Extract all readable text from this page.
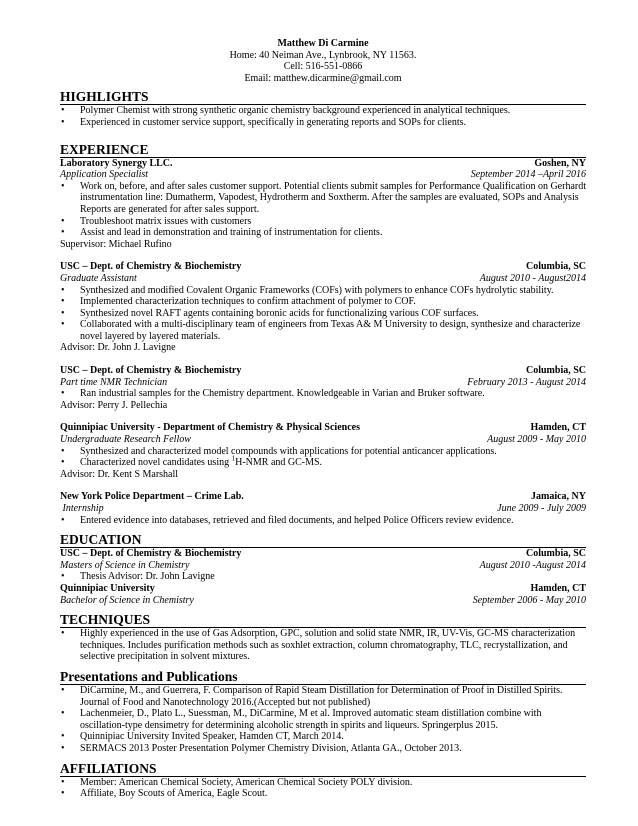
Matthew Di Carmine
Home: 40 Neiman Ave., Lynbrook, NY 11563.
Cell: 516-551-0866
Email: matthew.dicarmine@gmail.com
HIGHLIGHTS
• Polymer Chemist with strong synthetic organic chemistry background experienced in analytical techniques.
• Experienced in customer service support, specifically in generating reports and SOPs for clients.
EXPERIENCE
Laboratory Synergy LLC.	Goshen, NY
Application Specialist	September 2014 –April 2016
• Work on, before, and after sales customer support. Potential clients submit samples for Performance Qualification on Gerhardt instrumentation line: Dumatherm, Vapodest, Hydrotherm and Soxtherm. After the samples are evaluated, SOPs and Analysis Reports are generated for after sales support.
• Troubleshoot matrix issues with customers
• Assist and lead in demonstration and training of instrumentation for clients.
Supervisor: Michael Rufino
USC – Dept. of Chemistry & Biochemistry	Columbia, SC
Graduate Assistant	August 2010 - August2014
• Synthesized and modified Covalent Organic Frameworks (COFs) with polymers to enhance COFs hydrolytic stability.
• Implemented characterization techniques to confirm attachment of polymer to COF.
• Synthesized novel RAFT agents containing boronic acids for functionalizing various COF surfaces.
• Collaborated with a multi-disciplinary team of engineers from Texas A& M University to design, synthesize and characterize novel layered by layered materials.
Advisor: Dr. John J. Lavigne
USC – Dept. of Chemistry & Biochemistry	Columbia, SC
Part time NMR Technician	February 2013 - August 2014
• Ran industrial samples for the Chemistry department. Knowledgeable in Varian and Bruker software.
Advisor: Perry J. Pellechia
Quinnipiac University - Department of Chemistry & Physical Sciences	Hamden, CT
Undergraduate Research Fellow	August 2009 - May 2010
• Synthesized and characterized model compounds with applications for potential anticancer applications.
• Characterized novel candidates using $^1$H-NMR and GC-MS.
Advisor: Dr. Kent S Marshall
New York Police Department – Crime Lab.	Jamaica, NY
Internship	June 2009 - July 2009
• Entered evidence into databases, retrieved and filed documents, and helped Police Officers review evidence.
EDUCATION
USC – Dept. of Chemistry & Biochemistry	Columbia, SC
Masters of Science in Chemistry	August 2010 -August 2014
• Thesis Advisor: Dr. John Lavigne
Quinnipiac University	Hamden, CT
Bachelor of Science in Chemistry	September 2006 - May 2010
TECHNIQUES
• Highly experienced in the use of Gas Adsorption, GPC, solution and solid state NMR, IR, UV-Vis, GC-MS characterization techniques. Includes purification methods such as soxhlet extraction, column chromatography, TLC, recrystallization, and selective precipitation in solvent mixtures.
Presentations and Publications
• DiCarmine, M., and Guerrera, F. Comparison of Rapid Steam Distillation for Determination of Proof in Distilled Spirits. Journal of Food and Nanotechnology 2016.(Accepted but not published)
• Lachenmeier, D., Plato L., Suessman, M., DiCarmine, M et al. Improved automatic steam distillation combine with oscillation-type densimetry for determining alcoholic strength in spirits and liqueurs. Springerplus 2015.
• Quinnipiac University Invited Speaker, Hamden CT, March 2014.
• SERMACS 2013 Poster Presentation Polymer Chemistry Division, Atlanta GA., October 2013.
AFFILIATIONS
• Member: American Chemical Society, American Chemical Society POLY division.
• Affiliate, Boy Scouts of America, Eagle Scout.
